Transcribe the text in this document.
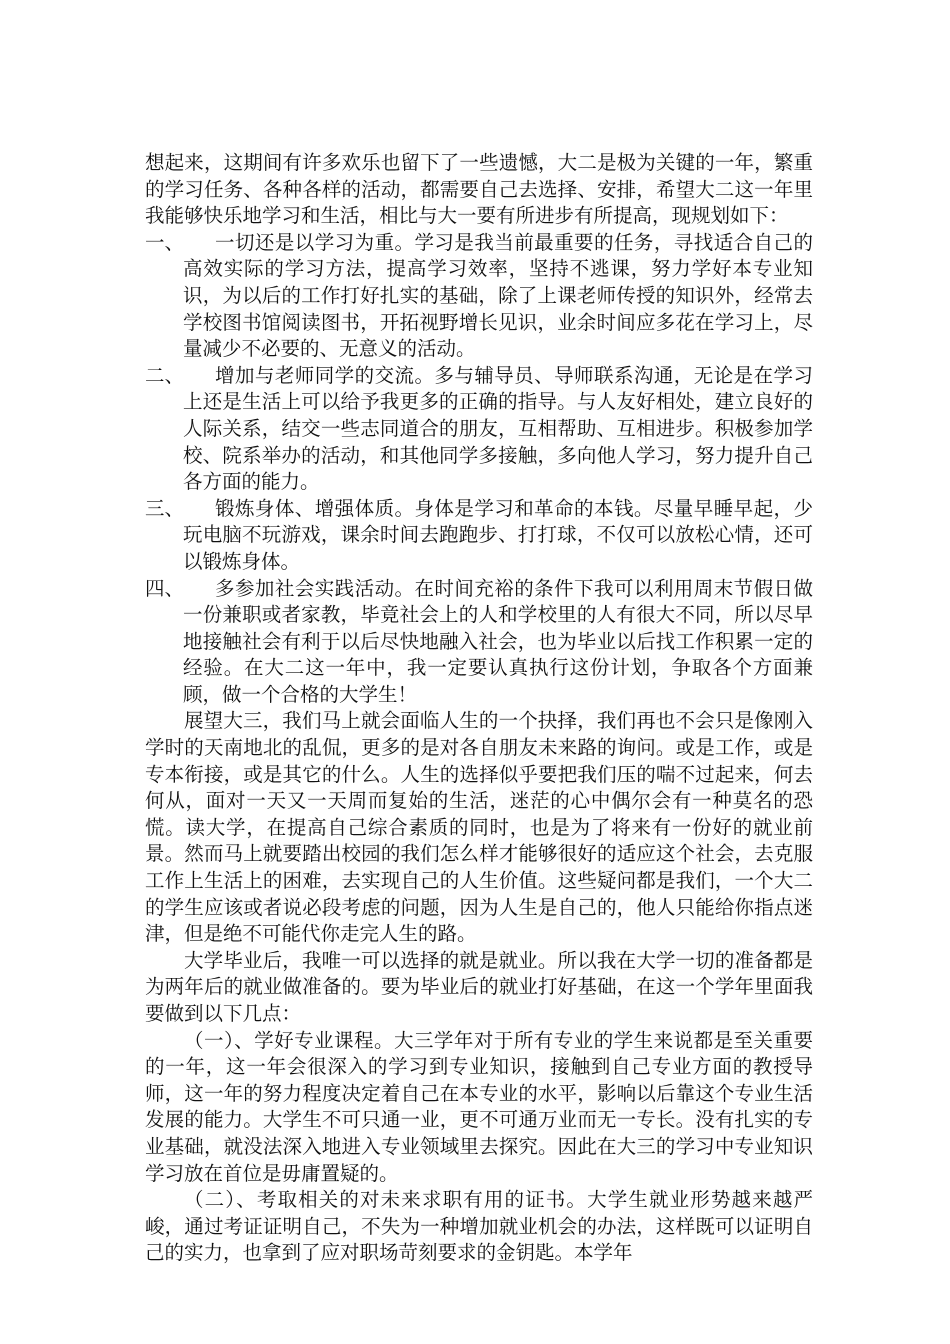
想起来，这期间有许多欢乐也留下了一些遗憾，大二是极为关键的一年，繁重的学习任务、各种各样的活动，都需要自己去选择、安排，希望大二这一年里我能够快乐地学习和生活，相比与大一要有所进步有所提高，现规划如下：

一、	一切还是以学习为重。学习是我当前最重要的任务，寻找适合自己的高效实际的学习方法，提高学习效率，坚持不逃课，努力学好本专业知识，为以后的工作打好扎实的基础，除了上课老师传授的知识外，经常去学校图书馆阅读图书，开拓视野增长见识，业余时间应多花在学习上，尽量减少不必要的、无意义的活动。
二、	增加与老师同学的交流。多与辅导员、导师联系沟通，无论是在学习上还是生活上可以给予我更多的正确的指导。与人友好相处，建立良好的人际关系，结交一些志同道合的朋友，互相帮助、互相进步。积极参加学校、院系举办的活动，和其他同学多接触，多向他人学习，努力提升自己各方面的能力。
三、	锻炼身体、增强体质。身体是学习和革命的本钱。尽量早睡早起，少玩电脑不玩游戏，课余时间去跑跑步、打打球，不仅可以放松心情，还可以锻炼身体。
四、	多参加社会实践活动。在时间充裕的条件下我可以利用周末节假日做一份兼职或者家教，毕竟社会上的人和学校里的人有很大不同，所以尽早地接触社会有利于以后尽快地融入社会，也为毕业以后找工作积累一定的经验。在大二这一年中，我一定要认真执行这份计划，争取各个方面兼顾，做一个合格的大学生！

展望大三，我们马上就会面临人生的一个抉择，我们再也不会只是像刚入学时的天南地北的乱侃，更多的是对各自朋友未来路的询问。或是工作，或是专本衔接，或是其它的什么。人生的选择似乎要把我们压的喘不过起来，何去何从，面对一天又一天周而复始的生活，迷茫的心中偶尔会有一种莫名的恐慌。读大学，在提高自己综合素质的同时，也是为了将来有一份好的就业前景。然而马上就要踏出校园的我们怎么样才能够很好的适应这个社会，去克服工作上生活上的困难，去实现自己的人生价值。这些疑问都是我们，一个大二的学生应该或者说必段考虑的问题，因为人生是自己的，他人只能给你指点迷津，但是绝不可能代你走完人生的路。

大学毕业后，我唯一可以选择的就是就业。所以我在大学一切的准备都是为两年后的就业做准备的。要为毕业后的就业打好基础，在这一个学年里面我要做到以下几点：

（一）、学好专业课程。大三学年对于所有专业的学生来说都是至关重要的一年，这一年会很深入的学习到专业知识，接触到自己专业方面的教授导师，这一年的努力程度决定着自己在本专业的水平，影响以后靠这个专业生活发展的能力。大学生不可只通一业，更不可通万业而无一专长。没有扎实的专业基础，就没法深入地进入专业领域里去探究。因此在大三的学习中专业知识学习放在首位是毋庸置疑的。

（二）、考取相关的对未来求职有用的证书。大学生就业形势越来越严峻，通过考证证明自己，不失为一种增加就业机会的办法，这样既可以证明自己的实力，也拿到了应对职场苛刻要求的金钥匙。本学年
